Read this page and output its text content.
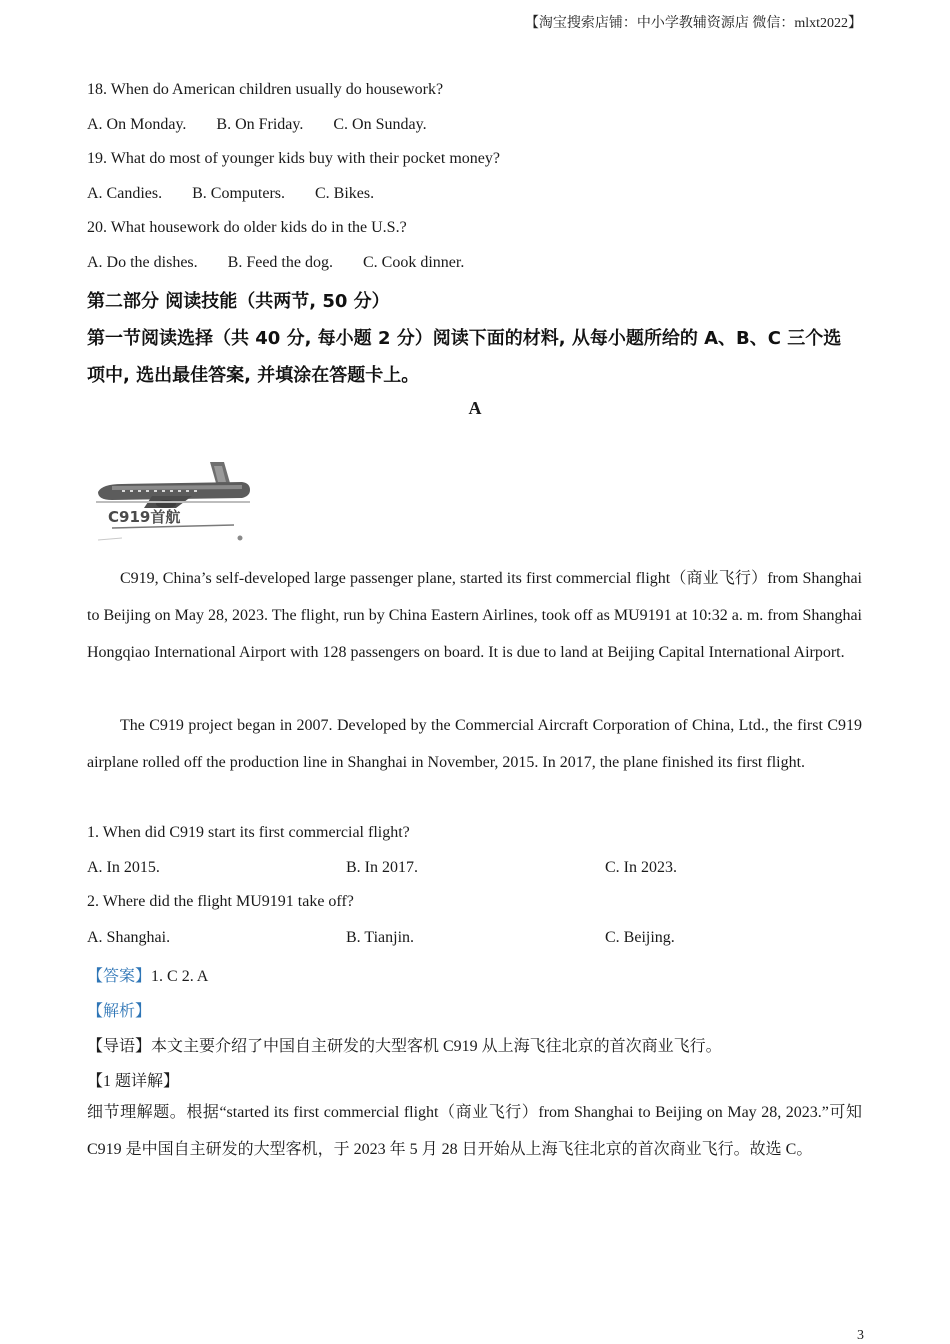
【淘宝搜索店铺：中小学教辅资源店 微信：mlxt2022】
18. When do American children usually do housework?
A. On Monday. B. On Friday. C. On Sunday.
19. What do most of younger kids buy with their pocket money?
A. Candies. B. Computers. C. Bikes.
20. What housework do older kids do in the U.S.?
A. Do the dishes. B. Feed the dog. C. Cook dinner.
第二部分 阅读技能（共两节, 50 分）
第一节阅读选择（共 40 分, 每小题 2 分）阅读下面的材料, 从每小题所给的 A、B、C 三个选
项中, 选出最佳答案, 并填涂在答题卡上。
A
C919首航
C919, China’s self-developed large passenger plane, started its first commercial flight（商业飞行）from Shanghai to Beijing on May 28, 2023. The flight, run by China Eastern Airlines, took off as MU9191 at 10:32 a. m. from Shanghai Hongqiao International Airport with 128 passengers on board. It is due to land at Beijing Capital International Airport.
The C919 project began in 2007. Developed by the Commercial Aircraft Corporation of China, Ltd., the first C919 airplane rolled off the production line in Shanghai in November, 2015. In 2017, the plane finished its first flight.
1. When did C919 start its first commercial flight?
A. In 2015.	B. In 2017.	C. In 2023.
2. Where did the flight MU9191 take off?
A. Shanghai.	B. Tianjin.	C. Beijing.
【答案】1. C 2. A
【解析】
【导语】本文主要介绍了中国自主研发的大型客机 C919 从上海飞往北京的首次商业飞行。
【1 题详解】
细节理解题。根据“started its first commercial flight（商业飞行）from Shanghai to Beijing on May 28, 2023.”可知 C919 是中国自主研发的大型客机，于 2023 年 5 月 28 日开始从上海飞往北京的首次商业飞行。故选 C。
3
